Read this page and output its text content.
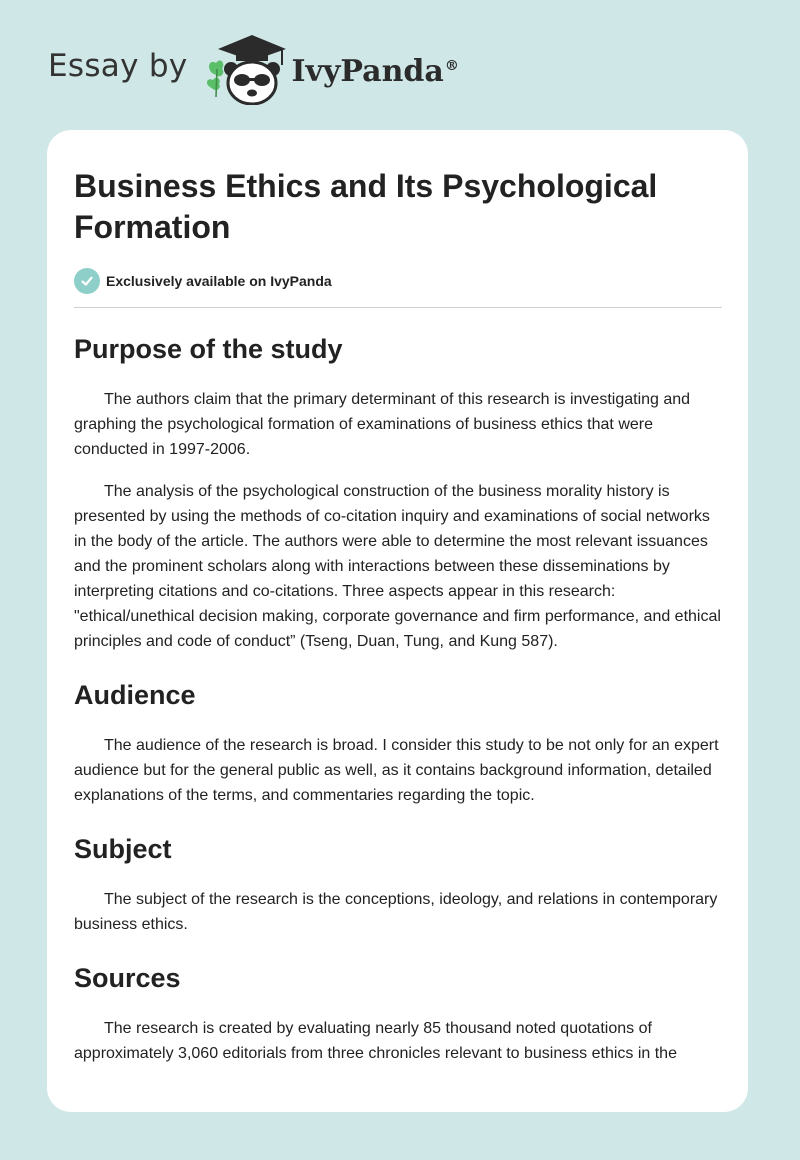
Essay by	IvyPanda®
Business Ethics and Its Psychological Formation
Exclusively available on IvyPanda
Purpose of the study

The authors claim that the primary determinant of this research is investigating and graphing the psychological formation of examinations of business ethics that were conducted in 1997-2006.

The analysis of the psychological construction of the business morality history is presented by using the methods of co-citation inquiry and examinations of social networks in the body of the article. The authors were able to determine the most relevant issuances and the prominent scholars along with interactions between these disseminations by interpreting citations and co-citations. Three aspects appear in this research: "ethical/unethical decision making, corporate governance and firm performance, and ethical principles and code of conduct” (Tseng, Duan, Tung, and Kung 587).

Audience

The audience of the research is broad. I consider this study to be not only for an expert audience but for the general public as well, as it contains background information, detailed explanations of the terms, and commentaries regarding the topic.

Subject

The subject of the research is the conceptions, ideology, and relations in contemporary business ethics.

Sources

The research is created by evaluating nearly 85 thousand noted quotations of approximately 3,060 editorials from three chronicles relevant to business ethics in the
